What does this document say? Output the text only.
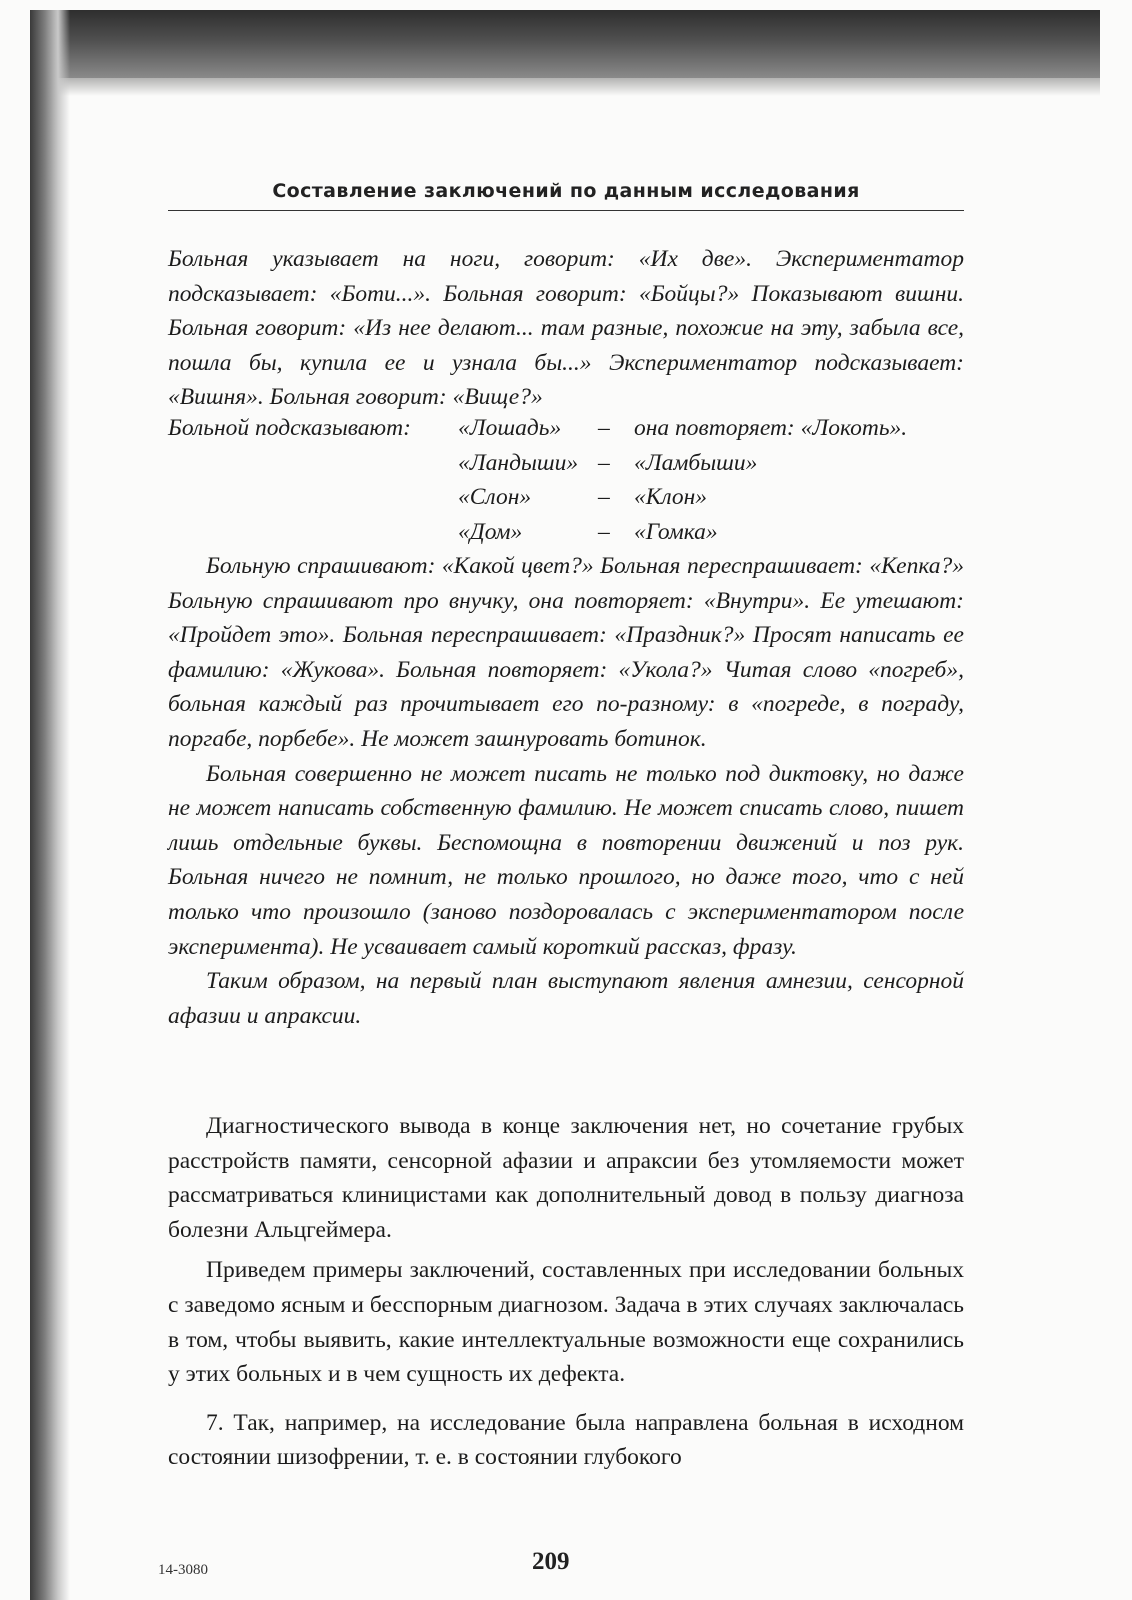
Составление заключений по данным исследования

Больная указывает на ноги, говорит: «Их две». Экспериментатор подсказывает: «Боти...». Больная говорит: «Бойцы?» Показывают вишни. Больная говорит: «Из нее делают... там разные, похожие на эту, забыла все, пошла бы, купила ее и узнала бы...» Экспериментатор подсказывает: «Вишня». Больная говорит: «Вище?»

Больной подсказывают: «Лошадь» – она повторяет: «Локоть».
«Ландыши» – «Ламбыши»
«Слон»	– «Клон»
«Дом»	– «Гомка»

Больную спрашивают: «Какой цвет?» Больная переспрашивает: «Кепка?» Больную спрашивают про внучку, она повторяет: «Внутри». Ее утешают: «Пройдет это». Больная переспрашивает: «Праздник?» Просят написать ее фамилию: «Жукова». Больная повторяет: «Укола?» Читая слово «погреб», больная каждый раз прочитывает его по-разному: в «погреде, в поград‌у, поргабе, порбебе». Не может зашнуровать ботинок.

Больная совершенно не может писать не только под диктовку, но даже не может написать собственную фамилию. Не может списать слово, пишет лишь отдельные буквы. Беспомощна в повторении движений и поз рук. Больная ничего не помнит, не только прошлого, но даже того, что с ней только что произошло (заново поздоровалась с экспериментатором после эксперимента). Не усваивает самый короткий рассказ, фразу.

Таким образом, на первый план выступают явления амнезии, сенсорной афазии и апраксии.

Диагностического вывода в конце заключения нет, но сочетание грубых расстройств памяти, сенсорной афазии и апраксии без утомляемости может рассматриваться клиницистами как дополнительный довод в пользу диагноза болезни Альцгеймера.

Приведем примеры заключений, составленных при исследовании больных с заведомо ясным и бесспорным диагнозом. Задача в этих случаях заключалась в том, чтобы выявить, какие интеллектуальные возможности еще сохранились у этих больных и в чем сущность их дефекта.

7. Так, например, на исследование была направлена больная в исходном состоянии шизофрении, т. е. в состоянии глубокого

14-3080	209
